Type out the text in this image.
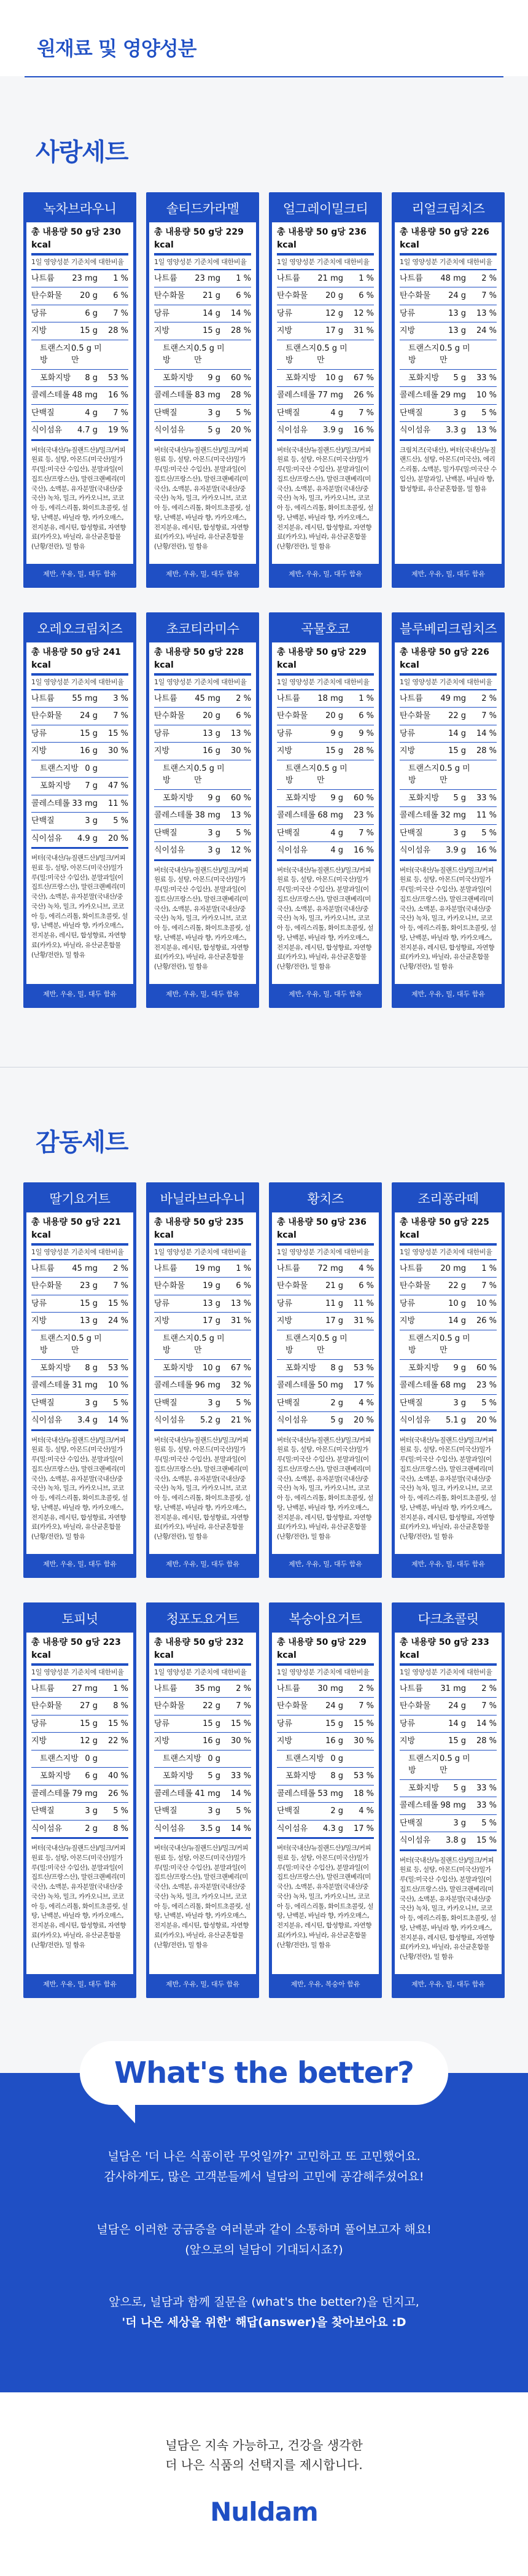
원재료 및 영양성분
사랑세트
녹차브라우니
총 내용량 50 g당 230 kcal
1일 영양성분 기준치에 대한비율
나트륨 23 mg	1 %
탄수화물 20 g	6 %
당류	6 g	7 %
지방	15 g	28 %
트랜스지방
0.5 g 미만
포화지방 8 g	53 %
콜레스테롤 48 mg	16 %
단백질	4 g	7 %
식이섬유 4.7 g	19 %
버터(국내산/뉴질랜드산)/밀크/커피 원료 등, 설탕, 아몬드(미국산)밀가루(밀:미국산 수입산), 분말과일(이집트산/프랑스산), 말린크랜베리(미국산), 소맥분, 유자분말(국내산/중국산) 녹차, 밀크, 카카오니브, 코코아 등, 에리스리톨, 화이트초콜릿, 설탕, 난백분, 바닐라 향, 카카오매스, 전지분유, 레시틴, 합성향료, 자연향료(카카오), 바닐라, 유산균혼합물(난황/전란), 밀 함유
제반, 우유, 밀, 대두 함유
솔티드카라멜
총 내용량 50 g당 229 kcal
1일 영양성분 기준치에 대한비율
나트륨 23 mg	1 %
탄수화물 21 g	6 %
당류	14 g	14 %
지방	15 g	28 %
트랜스지방
0.5 g 미만
포화지방 9 g	60 %
콜레스테롤 83 mg	28 %
단백질	3 g	5 %
식이섬유	5 g	20 %
버터(국내산/뉴질랜드산)/밀크/커피 원료 등, 설탕, 아몬드(미국산)밀가루(밀:미국산 수입산), 분말과일(이집트산/프랑스산), 말린크랜베리(미국산), 소맥분, 유자분말(국내산/중국산) 녹차, 밀크, 카카오니브, 코코아 등, 에리스리톨, 화이트초콜릿, 설탕, 난백분, 바닐라 향, 카카오매스, 전지분유, 레시틴, 합성향료, 자연향료(카카오), 바닐라, 유산균혼합물(난황/전란), 밀 함유
제반, 우유, 밀, 대두 함유
얼그레이밀크티
총 내용량 50 g당 236 kcal
1일 영양성분 기준치에 대한비율
나트륨 21 mg	1 %
탄수화물 20 g	6 %
당류	12 g	12 %
지방	17 g	31 %
트랜스지방
0.5 g 미만
포화지방 10 g	67 %
콜레스테롤 77 mg	26 %
단백질	4 g	7 %
식이섬유 3.9 g	16 %
버터(국내산/뉴질랜드산)/밀크/커피 원료 등, 설탕, 아몬드(미국산)밀가루(밀:미국산 수입산), 분말과일(이집트산/프랑스산), 말린크랜베리(미국산), 소맥분, 유자분말(국내산/중국산) 녹차, 밀크, 카카오니브, 코코아 등, 에리스리톨, 화이트초콜릿, 설탕, 난백분, 바닐라 향, 카카오매스, 전지분유, 레시틴, 합성향료, 자연향료(카카오), 바닐라, 유산균혼합물(난황/전란), 밀 함유
제반, 우유, 밀, 대두 함유
리얼크림치즈
총 내용량 50 g당 226 kcal
1일 영양성분 기준치에 대한비율
나트륨 48 mg	2 %
탄수화물 24 g	7 %
당류	13 g	13 %
지방	13 g	24 %
트랜스지방
0.5 g 미만
포화지방 5 g	33 %
콜레스테롤 29 mg	10 %
단백질	3 g	5 %
식이섬유 3.3 g	13 %
크림치즈(국내산), 버터(국내산/뉴질랜드산), 설탕, 아몬드(미국산), 에리스리톨, 소맥분, 밀가루(밀:미국산 수입산), 분말과일, 난백분, 바닐라 향, 합성향료, 유산균혼합물, 밀 함유
제반, 우유, 밀, 대두 함유
오레오크림치즈
총 내용량 50 g당 241 kcal
1일 영양성분 기준치에 대한비율
나트륨 55 mg	3 %
탄수화물 24 g	7 %
당류	15 g	15 %
지방	16 g	30 %
트랜스지방 0 g
포화지방 7 g	47 %
콜레스테롤 33 mg	11 %
단백질	3 g	5 %
식이섬유 4.9 g	20 %
버터(국내산/뉴질랜드산)/밀크/커피 원료 등, 설탕, 아몬드(미국산)밀가루(밀:미국산 수입산), 분말과일(이집트산/프랑스산), 말린크랜베리(미국산), 소맥분, 유자분말(국내산/중국산) 녹차, 밀크, 카카오니브, 코코아 등, 에리스리톨, 화이트초콜릿, 설탕, 난백분, 바닐라 향, 카카오매스, 전지분유, 레시틴, 합성향료, 자연향료(카카오), 바닐라, 유산균혼합물(난황/전란), 밀 함유
제반, 우유, 밀, 대두 함유
초코티라미수
총 내용량 50 g당 228 kcal
1일 영양성분 기준치에 대한비율
나트륨 45 mg	2 %
탄수화물 20 g	6 %
당류	13 g	13 %
지방	16 g	30 %
트랜스지방
0.5 g 미만
포화지방 9 g	60 %
콜레스테롤 38 mg	13 %
단백질	3 g	5 %
식이섬유	3 g	12 %
버터(국내산/뉴질랜드산)/밀크/커피 원료 등, 설탕, 아몬드(미국산)밀가루(밀:미국산 수입산), 분말과일(이집트산/프랑스산), 말린크랜베리(미국산), 소맥분, 유자분말(국내산/중국산) 녹차, 밀크, 카카오니브, 코코아 등, 에리스리톨, 화이트초콜릿, 설탕, 난백분, 바닐라 향, 카카오매스, 전지분유, 레시틴, 합성향료, 자연향료(카카오), 바닐라, 유산균혼합물(난황/전란), 밀 함유
제반, 우유, 밀, 대두 함유
곡물호코
총 내용량 50 g당 229 kcal
1일 영양성분 기준치에 대한비율
나트륨 18 mg	1 %
탄수화물 20 g	6 %
당류	9 g	9 %
지방	15 g	28 %
트랜스지방
0.5 g 미만
포화지방 9 g	60 %
콜레스테롤 68 mg	23 %
단백질	4 g	7 %
식이섬유	4 g	16 %
버터(국내산/뉴질랜드산)/밀크/커피 원료 등, 설탕, 아몬드(미국산)밀가루(밀:미국산 수입산), 분말과일(이집트산/프랑스산), 말린크랜베리(미국산), 소맥분, 유자분말(국내산/중국산) 녹차, 밀크, 카카오니브, 코코아 등, 에리스리톨, 화이트초콜릿, 설탕, 난백분, 바닐라 향, 카카오매스, 전지분유, 레시틴, 합성향료, 자연향료(카카오), 바닐라, 유산균혼합물(난황/전란), 밀 함유
제반, 우유, 밀, 대두 함유
블루베리크림치즈
총 내용량 50 g당 226 kcal
1일 영양성분 기준치에 대한비율
나트륨 49 mg	2 %
탄수화물 22 g	7 %
당류	14 g	14 %
지방	15 g	28 %
트랜스지방
0.5 g 미만
포화지방 5 g	33 %
콜레스테롤 32 mg	11 %
단백질	3 g	5 %
식이섬유 3.9 g	16 %
버터(국내산/뉴질랜드산)/밀크/커피 원료 등, 설탕, 아몬드(미국산)밀가루(밀:미국산 수입산), 분말과일(이집트산/프랑스산), 말린크랜베리(미국산), 소맥분, 유자분말(국내산/중국산) 녹차, 밀크, 카카오니브, 코코아 등, 에리스리톨, 화이트초콜릿, 설탕, 난백분, 바닐라 향, 카카오매스, 전지분유, 레시틴, 합성향료, 자연향료(카카오), 바닐라, 유산균혼합물(난황/전란), 밀 함유
제반, 우유, 밀, 대두 함유
감동세트
딸기요거트
총 내용량 50 g당 221 kcal
1일 영양성분 기준치에 대한비율
나트륨 45 mg	2 %
탄수화물 23 g	7 %
당류	15 g	15 %
지방	13 g	24 %
트랜스지방
0.5 g 미만
포화지방 8 g	53 %
콜레스테롤 31 mg	10 %
단백질	3 g	5 %
식이섬유 3.4 g	14 %
버터(국내산/뉴질랜드산)/밀크/커피 원료 등, 설탕, 아몬드(미국산)밀가루(밀:미국산 수입산), 분말과일(이집트산/프랑스산), 말린크랜베리(미국산), 소맥분, 유자분말(국내산/중국산) 녹차, 밀크, 카카오니브, 코코아 등, 에리스리톨, 화이트초콜릿, 설탕, 난백분, 바닐라 향, 카카오매스, 전지분유, 레시틴, 합성향료, 자연향료(카카오), 바닐라, 유산균혼합물(난황/전란), 밀 함유
제반, 우유, 밀, 대두 함유
바닐라브라우니
총 내용량 50 g당 235 kcal
1일 영양성분 기준치에 대한비율
나트륨 19 mg	1 %
탄수화물 19 g	6 %
당류	13 g	13 %
지방	17 g	31 %
트랜스지방
0.5 g 미만
포화지방 10 g	67 %
콜레스테롤 96 mg	32 %
단백질	3 g	5 %
식이섬유 5.2 g	21 %
버터(국내산/뉴질랜드산)/밀크/커피 원료 등, 설탕, 아몬드(미국산)밀가루(밀:미국산 수입산), 분말과일(이집트산/프랑스산), 말린크랜베리(미국산), 소맥분, 유자분말(국내산/중국산) 녹차, 밀크, 카카오니브, 코코아 등, 에리스리톨, 화이트초콜릿, 설탕, 난백분, 바닐라 향, 카카오매스, 전지분유, 레시틴, 합성향료, 자연향료(카카오), 바닐라, 유산균혼합물(난황/전란), 밀 함유
제반, 우유, 밀, 대두 함유
황치즈
총 내용량 50 g당 236 kcal
1일 영양성분 기준치에 대한비율
나트륨 72 mg	4 %
탄수화물 21 g	6 %
당류	11 g	11 %
지방	17 g	31 %
트랜스지방
0.5 g 미만
포화지방 8 g	53 %
콜레스테롤 50 mg	17 %
단백질	2 g	4 %
식이섬유	5 g	20 %
버터(국내산/뉴질랜드산)/밀크/커피 원료 등, 설탕, 아몬드(미국산)밀가루(밀:미국산 수입산), 분말과일(이집트산/프랑스산), 말린크랜베리(미국산), 소맥분, 유자분말(국내산/중국산) 녹차, 밀크, 카카오니브, 코코아 등, 에리스리톨, 화이트초콜릿, 설탕, 난백분, 바닐라 향, 카카오매스, 전지분유, 레시틴, 합성향료, 자연향료(카카오), 바닐라, 유산균혼합물(난황/전란), 밀 함유
제반, 우유, 밀, 대두 함유
조리퐁라떼
총 내용량 50 g당 225 kcal
1일 영양성분 기준치에 대한비율
나트륨 20 mg	1 %
탄수화물 22 g	7 %
당류	10 g	10 %
지방	14 g	26 %
트랜스지방
0.5 g 미만
포화지방 9 g	60 %
콜레스테롤 68 mg	23 %
단백질	3 g	5 %
식이섬유 5.1 g	20 %
버터(국내산/뉴질랜드산)/밀크/커피 원료 등, 설탕, 아몬드(미국산)밀가루(밀:미국산 수입산), 분말과일(이집트산/프랑스산), 말린크랜베리(미국산), 소맥분, 유자분말(국내산/중국산) 녹차, 밀크, 카카오니브, 코코아 등, 에리스리톨, 화이트초콜릿, 설탕, 난백분, 바닐라 향, 카카오매스, 전지분유, 레시틴, 합성향료, 자연향료(카카오), 바닐라, 유산균혼합물(난황/전란), 밀 함유
제반, 우유, 밀, 대두 함유
토피넛
총 내용량 50 g당 223 kcal
1일 영양성분 기준치에 대한비율
나트륨 27 mg	1 %
탄수화물 27 g	8 %
당류	15 g	15 %
지방	12 g	22 %
트랜스지방 0 g
포화지방 6 g	40 %
콜레스테롤 79 mg	26 %
단백질	3 g	5 %
식이섬유	2 g	8 %
버터(국내산/뉴질랜드산)/밀크/커피 원료 등, 설탕, 아몬드(미국산)밀가루(밀:미국산 수입산), 분말과일(이집트산/프랑스산), 말린크랜베리(미국산), 소맥분, 유자분말(국내산/중국산) 녹차, 밀크, 카카오니브, 코코아 등, 에리스리톨, 화이트초콜릿, 설탕, 난백분, 바닐라 향, 카카오매스, 전지분유, 레시틴, 합성향료, 자연향료(카카오), 바닐라, 유산균혼합물(난황/전란), 밀 함유
제반, 우유, 밀, 대두 함유
청포도요거트
총 내용량 50 g당 232 kcal
1일 영양성분 기준치에 대한비율
나트륨 35 mg	2 %
탄수화물 22 g	7 %
당류	15 g	15 %
지방	16 g	30 %
트랜스지방 0 g
포화지방 5 g	33 %
콜레스테롤 41 mg	14 %
단백질	3 g	5 %
식이섬유 3.5 g	14 %
버터(국내산/뉴질랜드산)/밀크/커피 원료 등, 설탕, 아몬드(미국산)밀가루(밀:미국산 수입산), 분말과일(이집트산/프랑스산), 말린크랜베리(미국산), 소맥분, 유자분말(국내산/중국산) 녹차, 밀크, 카카오니브, 코코아 등, 에리스리톨, 화이트초콜릿, 설탕, 난백분, 바닐라 향, 카카오매스, 전지분유, 레시틴, 합성향료, 자연향료(카카오), 바닐라, 유산균혼합물(난황/전란), 밀 함유
제반, 우유, 밀, 대두 함유
복숭아요거트
총 내용량 50 g당 229 kcal
1일 영양성분 기준치에 대한비율
나트륨 30 mg	2 %
탄수화물 24 g	7 %
당류	15 g	15 %
지방	16 g	30 %
트랜스지방 0 g
포화지방 8 g	53 %
콜레스테롤 53 mg	18 %
단백질	2 g	4 %
식이섬유 4.3 g	17 %
버터(국내산/뉴질랜드산)/밀크/커피 원료 등, 설탕, 아몬드(미국산)밀가루(밀:미국산 수입산), 분말과일(이집트산/프랑스산), 말린크랜베리(미국산), 소맥분, 유자분말(국내산/중국산) 녹차, 밀크, 카카오니브, 코코아 등, 에리스리톨, 화이트초콜릿, 설탕, 난백분, 바닐라 향, 카카오매스, 전지분유, 레시틴, 합성향료, 자연향료(카카오), 바닐라, 유산균혼합물(난황/전란), 밀 함유
제반, 우유, 복숭아 함유
다크초콜릿
총 내용량 50 g당 233 kcal
1일 영양성분 기준치에 대한비율
나트륨 31 mg	2 %
탄수화물 24 g	7 %
당류	14 g	14 %
지방	15 g	28 %
트랜스지방
0.5 g 미만
포화지방 5 g	33 %
콜레스테롤 98 mg	33 %
단백질	3 g	5 %
식이섬유 3.8 g	15 %
버터(국내산/뉴질랜드산)/밀크/커피 원료 등, 설탕, 아몬드(미국산)밀가루(밀:미국산 수입산), 분말과일(이집트산/프랑스산), 말린크랜베리(미국산), 소맥분, 유자분말(국내산/중국산) 녹차, 밀크, 카카오니브, 코코아 등, 에리스리톨, 화이트초콜릿, 설탕, 난백분, 바닐라 향, 카카오매스, 전지분유, 레시틴, 합성향료, 자연향료(카카오), 바닐라, 유산균혼합물(난황/전란), 밀 함유
제반, 우유, 밀, 대두 함유
What's the better?

널담은 '더 나은 식품이란 무엇일까?' 고민하고 또 고민했어요.
감사하게도, 많은 고객분들께서 널담의 고민에 공감해주셨어요!

널담은 이러한 궁금증을 여러분과 같이 소통하며 풀어보고자 해요!
(앞으로의 널담이 기대되시죠?)

앞으로, 널담과 함께 질문을 (what's the better?)을 던지고,
'더 나은 세상을 위한' 해답(answer)을 찾아보아요 :D

널담은 지속 가능하고, 건강을 생각한

더 나은 식품의 선택지를 제시합니다.

Nuldam
